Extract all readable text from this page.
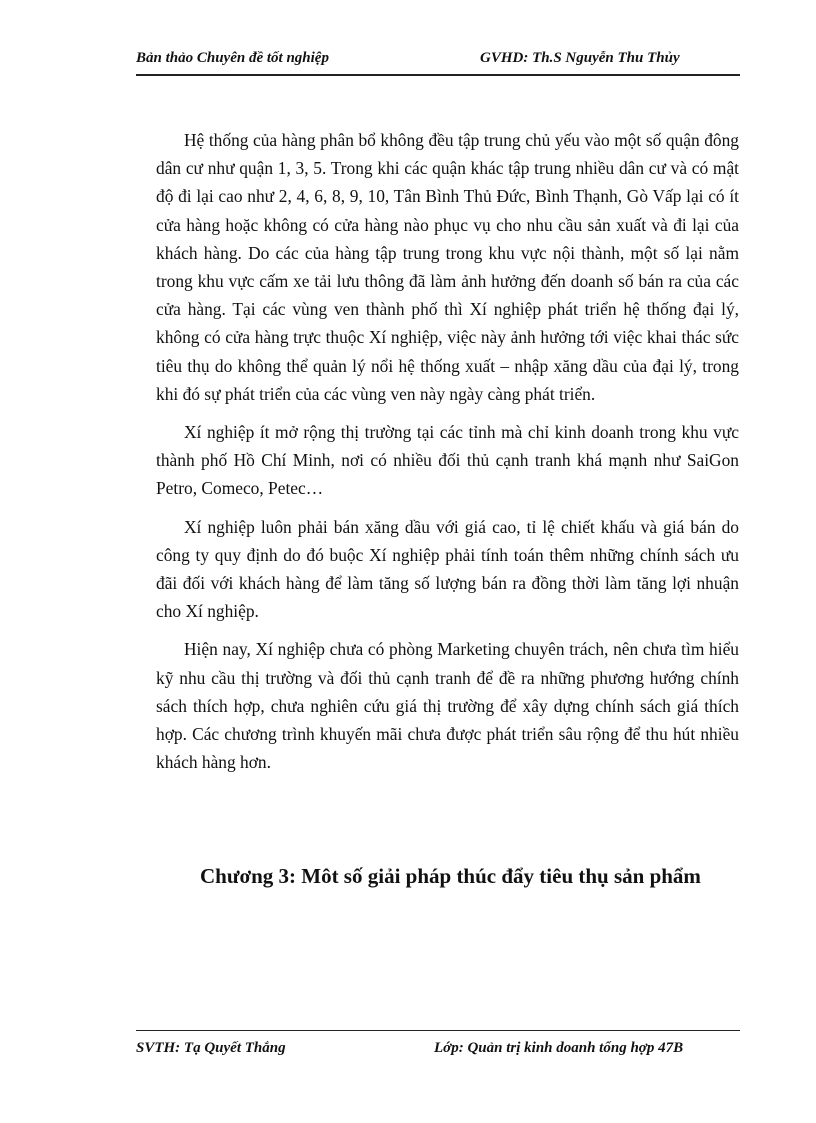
Bản thảo Chuyên đề tốt nghiệp	GVHD: Th.S Nguyễn Thu Thủy

Hệ thống của hàng phân bổ không đều tập trung chủ yếu vào một số quận đông dân cư như quận 1, 3, 5. Trong khi các quận khác tập trung nhiều dân cư và có mật độ đi lại cao như 2, 4, 6, 8, 9, 10, Tân Bình Thủ Đức, Bình Thạnh, Gò Vấp lại có ít cửa hàng hoặc không có cửa hàng nào phục vụ cho nhu cầu sản xuất và đi lại của khách hàng. Do các của hàng tập trung trong khu vực nội thành, một số lại nằm trong khu vực cấm xe tải lưu thông đã làm ảnh hưởng đến doanh số bán ra của các cửa hàng. Tại các vùng ven thành phố thì Xí nghiệp phát triển hệ thống đại lý, không có cửa hàng trực thuộc Xí nghiệp, việc này ảnh hưởng tới việc khai thác sức tiêu thụ do không thể quản lý nổi hệ thống xuất – nhập xăng dầu của đại lý, trong khi đó sự phát triển của các vùng ven này ngày càng phát triển.

Xí nghiệp ít mở rộng thị trường tại các tỉnh mà chỉ kinh doanh trong khu vực thành phố Hồ Chí Minh, nơi có nhiều đối thủ cạnh tranh khá mạnh như SaiGon Petro, Comeco, Petec…

Xí nghiệp luôn phải bán xăng dầu với giá cao, tỉ lệ chiết khấu và giá bán do công ty quy định do đó buộc Xí nghiệp phải tính toán thêm những chính sách ưu đãi đối với khách hàng để làm tăng số lượng bán ra đồng thời làm tăng lợi nhuận cho Xí nghiệp.

Hiện nay, Xí nghiệp chưa có phòng Marketing chuyên trách, nên chưa tìm hiểu kỹ nhu cầu thị trường và đối thủ cạnh tranh để đề ra những phương hướng chính sách thích hợp, chưa nghiên cứu giá thị trường để xây dựng chính sách giá thích hợp. Các chương trình khuyến mãi chưa được phát triển sâu rộng để thu hút nhiều khách hàng hơn.

Chương 3: Môt số giải pháp thúc đẩy tiêu thụ sản phẩm
SVTH: Tạ Quyết Thắng	Lớp: Quản trị kinh doanh tổng hợp 47B
